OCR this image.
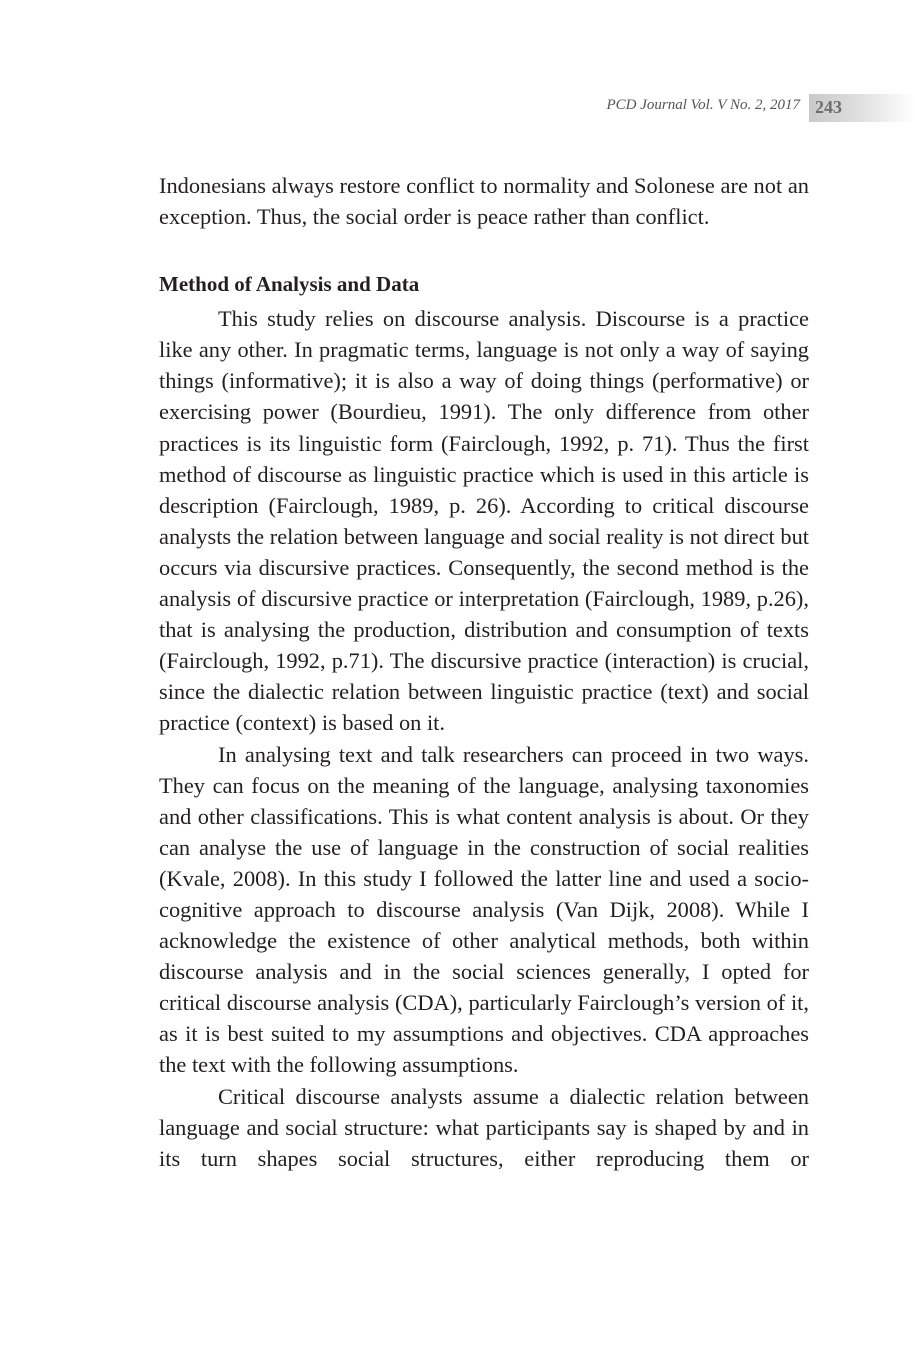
PCD Journal Vol. V No. 2, 2017 243

Indonesians always restore conflict to normality and Solonese are not an exception. Thus, the social order is peace rather than conflict.

Method of Analysis and Data

This study relies on discourse analysis. Discourse is a practice like any other. In pragmatic terms, language is not only a way of saying things (informative); it is also a way of doing things (performative) or exercising power (Bourdieu, 1991). The only difference from other practices is its linguistic form (Fairclough, 1992, p. 71). Thus the first method of discourse as linguistic practice which is used in this article is description (Fairclough, 1989, p. 26). According to critical discourse analysts the relation between language and social reality is not direct but occurs via discursive practices. Consequently, the second method is the analysis of discursive practice or interpretation (Fairclough, 1989, p.26), that is analysing the production, distribution and consumption of texts (Fairclough, 1992, p.71). The discursive practice (interaction) is crucial, since the dialectic relation between linguistic practice (text) and social practice (context) is based on it.

In analysing text and talk researchers can proceed in two ways. They can focus on the meaning of the language, analysing taxonomies and other classifications. This is what content analysis is about. Or they can analyse the use of language in the construction of social realities (Kvale, 2008). In this study I followed the latter line and used a socio-cognitive approach to discourse analysis (Van Dijk, 2008). While I acknowledge the existence of other analytical methods, both within discourse analysis and in the social sciences generally, I opted for critical discourse analysis (CDA), particularly Fairclough’s version of it, as it is best suited to my assumptions and objectives. CDA approaches the text with the following assumptions.

Critical discourse analysts assume a dialectic relation between language and social structure: what participants say is shaped by and in its turn shapes social structures, either reproducing them or
